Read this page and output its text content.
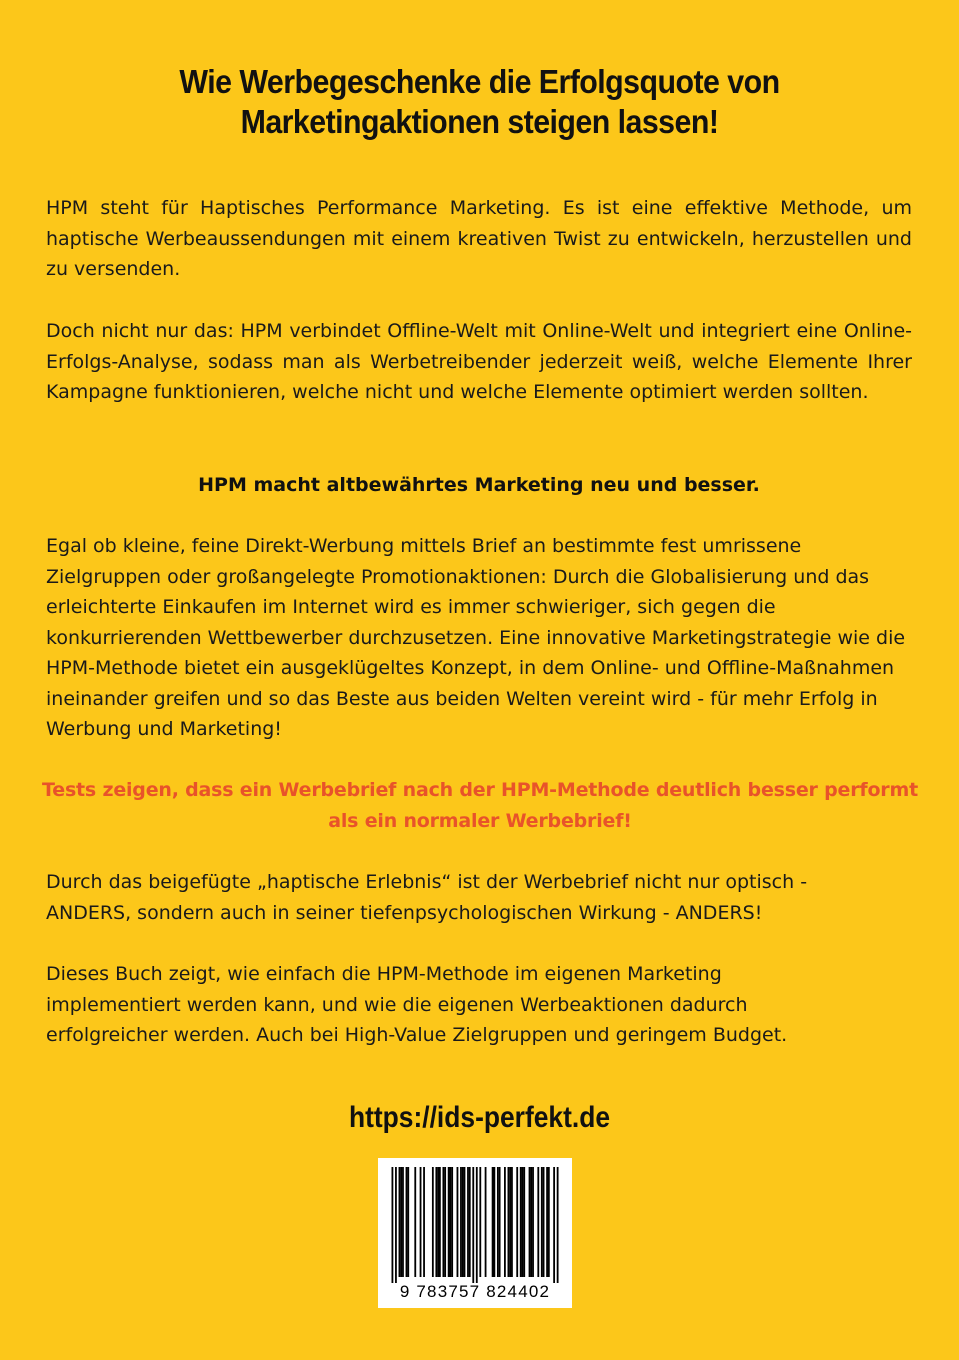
Wie Werbegeschenke die Erfolgsquote von
Marketingaktionen steigen lassen!

HPM steht für Haptisches Performance Marketing. Es ist eine effektive Methode, um haptische Werbeaussendungen mit einem kreativen Twist zu entwickeln, herzustellen und zu versenden.

Doch nicht nur das: HPM verbindet Offline-Welt mit Online-Welt und integriert eine Online-Erfolgs-Analyse, sodass man als Werbetreibender jederzeit weiß, welche Elemente Ihrer Kampagne funktionieren, welche nicht und welche Elemente optimiert werden sollten.

HPM macht altbewährtes Marketing neu und besser.

Egal ob kleine, feine Direkt-Werbung mittels Brief an bestimmte fest umrissene Zielgruppen oder großangelegte Promotionaktionen: Durch die Globalisierung und das erleichterte Einkaufen im Internet wird es immer schwieriger, sich gegen die konkurrierenden Wettbewerber durchzusetzen. Eine innovative Marketingstrategie wie die HPM-Methode bietet ein ausgeklügeltes Konzept, in dem Online- und Offline-Maßnahmen ineinander greifen und so das Beste aus beiden Welten vereint wird - für mehr Erfolg in Werbung und Marketing!

Tests zeigen, dass ein Werbebrief nach der HPM-Methode deutlich besser performt
als ein normaler Werbebrief!
Durch das beigefügte „haptische Erlebnis“ ist der Werbebrief nicht nur optisch -
ANDERS, sondern auch in seiner tiefenpsychologischen Wirkung - ANDERS!
Dieses Buch zeigt, wie einfach die HPM-Methode im eigenen Marketing
implementiert werden kann, und wie die eigenen Werbeaktionen dadurch
erfolgreicher werden. Auch bei High-Value Zielgruppen und geringem Budget.
https://ids-perfekt.de
9 783757 824402
